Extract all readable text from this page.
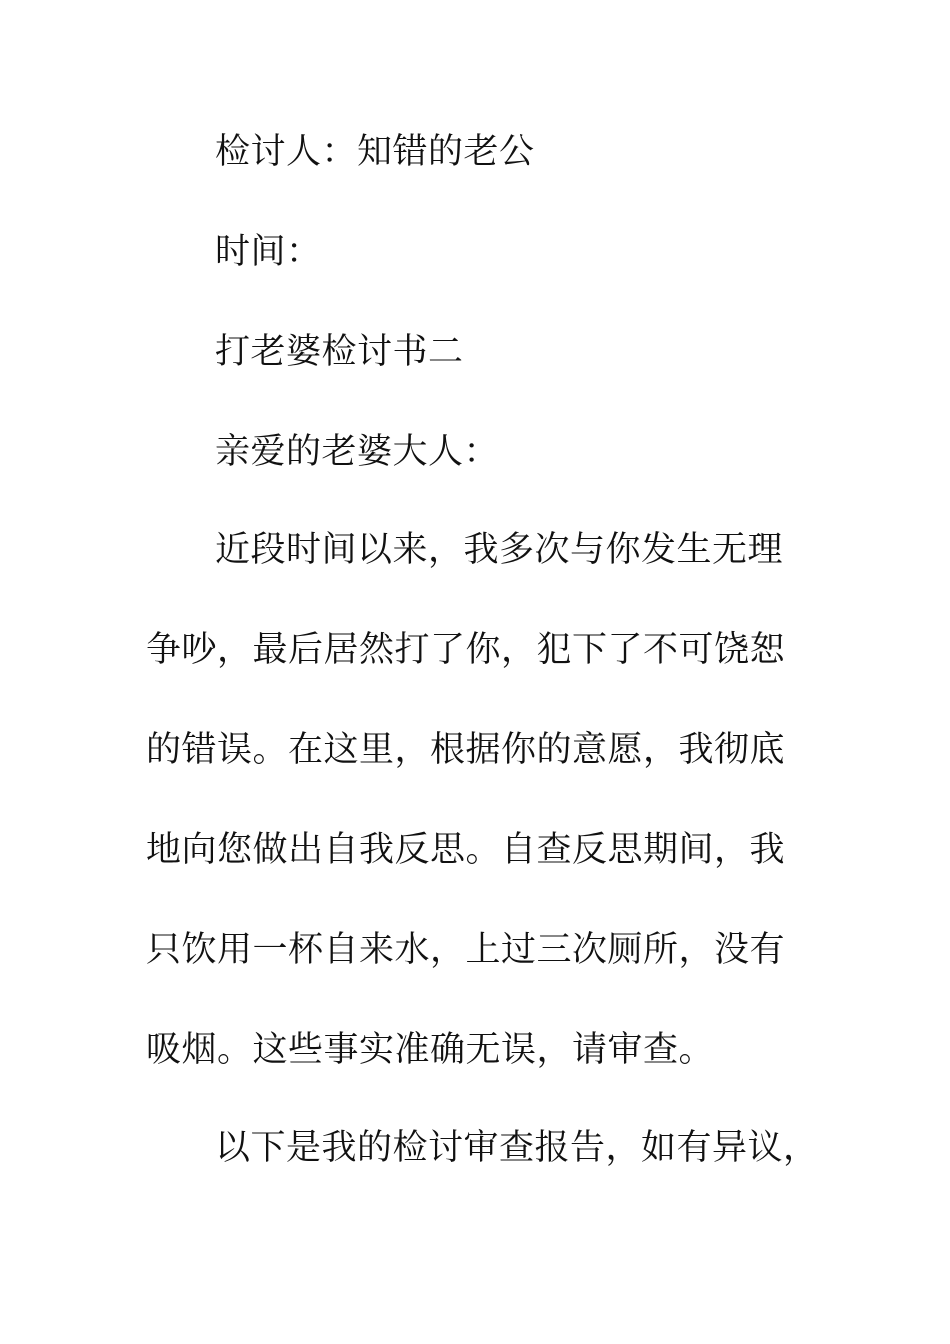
检讨人：知错的老公
时间：
打老婆检讨书二
亲爱的老婆大人：
近段时间以来，我多次与你发生无理
争吵，最后居然打了你，犯下了不可饶恕
的错误。在这里，根据你的意愿，我彻底
地向您做出自我反思。自查反思期间，我
只饮用一杯自来水，上过三次厕所，没有
吸烟。这些事实准确无误，请审查。
以下是我的检讨审查报告，如有异议，
